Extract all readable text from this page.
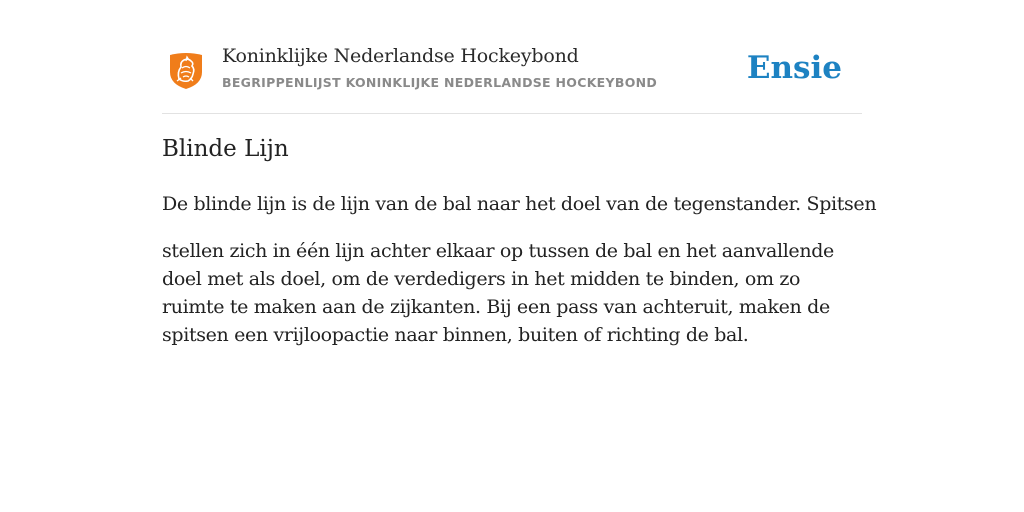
Koninklijke Nederlandse Hockeybond
BEGRIPPENLIJST KONINKLIJKE NEDERLANDSE HOCKEYBOND	Ensie
Blinde Lijn

De blinde lijn is de lijn van de bal naar het doel van de tegenstander. Spitsen

stellen zich in één lijn achter elkaar op tussen de bal en het aanvallende doel met als doel, om de verdedigers in het midden te binden, om zo ruimte te maken aan de zijkanten. Bij een pass van achteruit, maken de spitsen een vrijloopactie naar binnen, buiten of richting de bal.
